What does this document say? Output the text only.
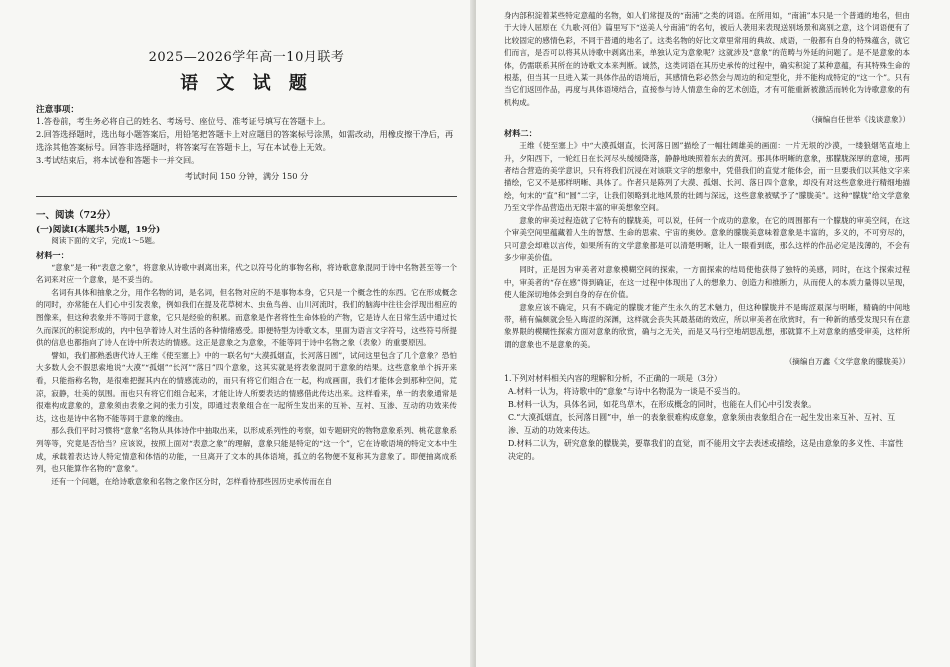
2025—2026学年高一10月联考

语 文 试 题

注意事项：

1.答卷前，考生务必将自己的姓名、考场号、座位号、准考证号填写在答题卡上。

2.回答选择题时，选出每小题答案后，用铅笔把答题卡上对应题目的答案标号涂黑，如需改动，用橡皮擦干净后，再选涂其他答案标号。回答非选择题时，将答案写在答题卡上，写在本试卷上无效。

3.考试结束后，将本试卷和答题卡一并交回。

考试时间 150 分钟，满分 150 分

一、阅读（72分）

(一)阅读Ⅰ(本题共5小题，19分)

阅读下面的文字，完成1～5题。

材料一：

“意象”是一种“表意之象”，将意象从诗歌中剥离出来，代之以符号化的事物名称，将诗歌意象混同于诗中名物甚至等一个名词来对应一个意象，是不妥当的。

名词有具体和抽象之分，用作名物的词，是名词，但名物对应的不是事物本身，它只是一个概念性的东西。它在形成概念的同时，亦常能在人们心中引发表象，例如我们在提及花草树木、虫鱼鸟兽、山川河流时，我们的脑海中往往会浮现出相应的图像来，但这种表象并不等同于意象，它只是经验的积累。而意象是作者将性生命体验的产物，它是诗人在日常生活中通过长久而深沉的积淀形成的，内中包孕着诗人对生活的各种情绪感受。即便特型为诗歌文本，里面为语言文字符号，这些符号所提供的信息也都指向了诗人在诗中所表达的情感。这正是意象之为意象，不能等同于诗中名物之象（表象）的重要原因。

譬如，我们都熟悉唐代诗人王维《使至塞上》中的一联名句“大漠孤烟直，长河落日圆”，试问这里包含了几个意象？恐怕大多数人会不假思索地说“大漠”“孤烟”“长河”“落日”四个意象，这其实就是将表象混同于意象的结果。这些意象单个拆开来看，只能指称名物，是很难把握其内在的情感流动的，而只有将它们组合在一起，构成画面，我们才能体会到那种空间，荒凉，寂静，壮美的氛围。而也只有将它们组合起来，才能让诗人所要表达的情感借此传达出来。这样看来，单一的表象通常是很难构成意象的，意象须由表象之间的张力引发，即通过表象组合在一起所生发出来的互补、互衬、互渗、互动的功效来传达，这也是诗中名物不能等同于意象的缘由。

那么我们平时习惯将“意象”名物从具体诗作中抽取出来，以形成系列性的考察，如专题研究的物物意象系列、桃花意象系列等等，究竟是否恰当？应该说，按照上面对“表意之象”的理解，意象只能是特定的“这一个”，它在诗歌语境的特定文本中生成，承载着表达诗人特定情意和体悟的功能，一旦离开了文本的具体语境，孤立的名物便不复称其为意象了。即便抽离成系列，也只能算作名物的“意象”。

还有一个问题，在给诗歌意象和名物之象作区分时，怎样看待那些因历史承传而在自

身内部积淀着某些特定意蕴的名物，如人们常提及的“南浦”之类的词语。在所用如，“南浦”本只是一个普通的地名，但由于大诗人屈原在《九歌·河伯》篇里写下“送美人兮南浦”的名句，被后人袭用来表现送别场景和离别之意，这个词语便有了比较固定的感情色彩，不同于普通的地名了。这类名物的好比文章里常用的典故、成语，一般都有自身的特殊蕴含，就它们而言，是否可以将其从诗歌中剥离出来，单独认定为意象呢？这就涉及“意象”的范畴与外延的问题了。是不是意象的本体，仍需联系其所在的诗歌文本来判断。诚然，这类词语在其历史承传的过程中，确实积淀了某种意蕴，有其特殊生命的根基，但当其一旦进入某一具体作品的语境后，其感情色彩必然会与周边的和定型化，并不能构成特定的“这一个”。只有当它们返回作品，再度与具体语境结合，直接参与诗人情意生命的艺术创造，才有可能重新被激活而转化为诗歌意象的有机构成。

（摘编自任世举《浅谈意象》）

材料二：

王维《使至塞上》中“大漠孤烟直，长河落日圆”描绘了一幅壮阔雄美的画面：一片无垠的沙漠，一缕狼烟笔直地上升，夕阳西下，一轮红日在长河尽头缓缓降落，静静地映照着东去的黄河。那具体明晰的意象，那朦胧深厚的意境，那两者结合营造的美学意识，只有将我们沉浸在对该联文字的想象中，凭借我们的直觉才能体会，而一旦要我们以其他文字来描绘，它又不是那样明晰、具体了。作者只是陈列了大漠、孤烟、长河、落日四个意象，却没有对这些意象进行精细地描绘，句末的“直”和“圆”二字，让我们领略到北地风景的壮阔与深远，这些意象被赋予了“朦胧美”。这种“朦胧”给文学意象乃至文学作品营造出无限丰富的审美想象空间。

意象的审美过程造就了它特有的朦胧美，可以说，任何一个成功的意象，在它的周围都有一个朦胧的审美空间，在这个审美空间里蕴藏着人生的智慧、生命的思索、宇宙的奥妙。意象的朦胧美意味着意象是丰富的，多义的，不可穷尽的，只可意会却难以言传，如果所有的文学意象都是可以清楚明晰，让人一眼看到底，那么这样的作品必定是浅薄的，不会有多少审美价值。

同时，正是因为审美者对意象模糊空间的探索，一方面探索的结局使他获得了独特的美感，同时，在这个探索过程中，审美者的“存在感”得到确证，在这一过程中体现出了人的想象力、创造力和推断力，从而使人的本质力量得以呈现，使人能深切地体会到自身的存在价值。

意象应该不确定，只有不确定的朦胧才能产生永久的艺术魅力，但这种朦胧并不是晦涩艰深与明晰，精确的中间地带，稍有偏颇就会坠入晦涩的深渊，这样就会丧失其最基础的效应，所以审美者在欣赏时，有一种新的感受发现只有在意象界限的模糊性探索方面对意象的欣赏，确与之无关，而是又马行空地胡思乱想，那就算不上对意象的感受审美，这样所谓的意象也不是意象的美。

（摘编自万鑫《文学意象的朦胧美》）

1.下列对材料相关内容的理解和分析，不正确的一项是（3分）

A.材料一认为，将诗歌中的“意象”与诗中名物混为一谈是不妥当的。

B.材料一认为，具体名词，如花鸟草木，在形成概念的同时，也能在人们心中引发表象。

C.“大漠孤烟直，长河落日圆”中，单一的表象很难构成意象，意象须由表象组合在一起生发出来互补、互衬、互渗、互动的功效来传达。

D.材料二认为，研究意象的朦胧美，要靠我们的直觉，而不能用文字去表述或描绘，这是由意象的多义性、丰富性决定的。
